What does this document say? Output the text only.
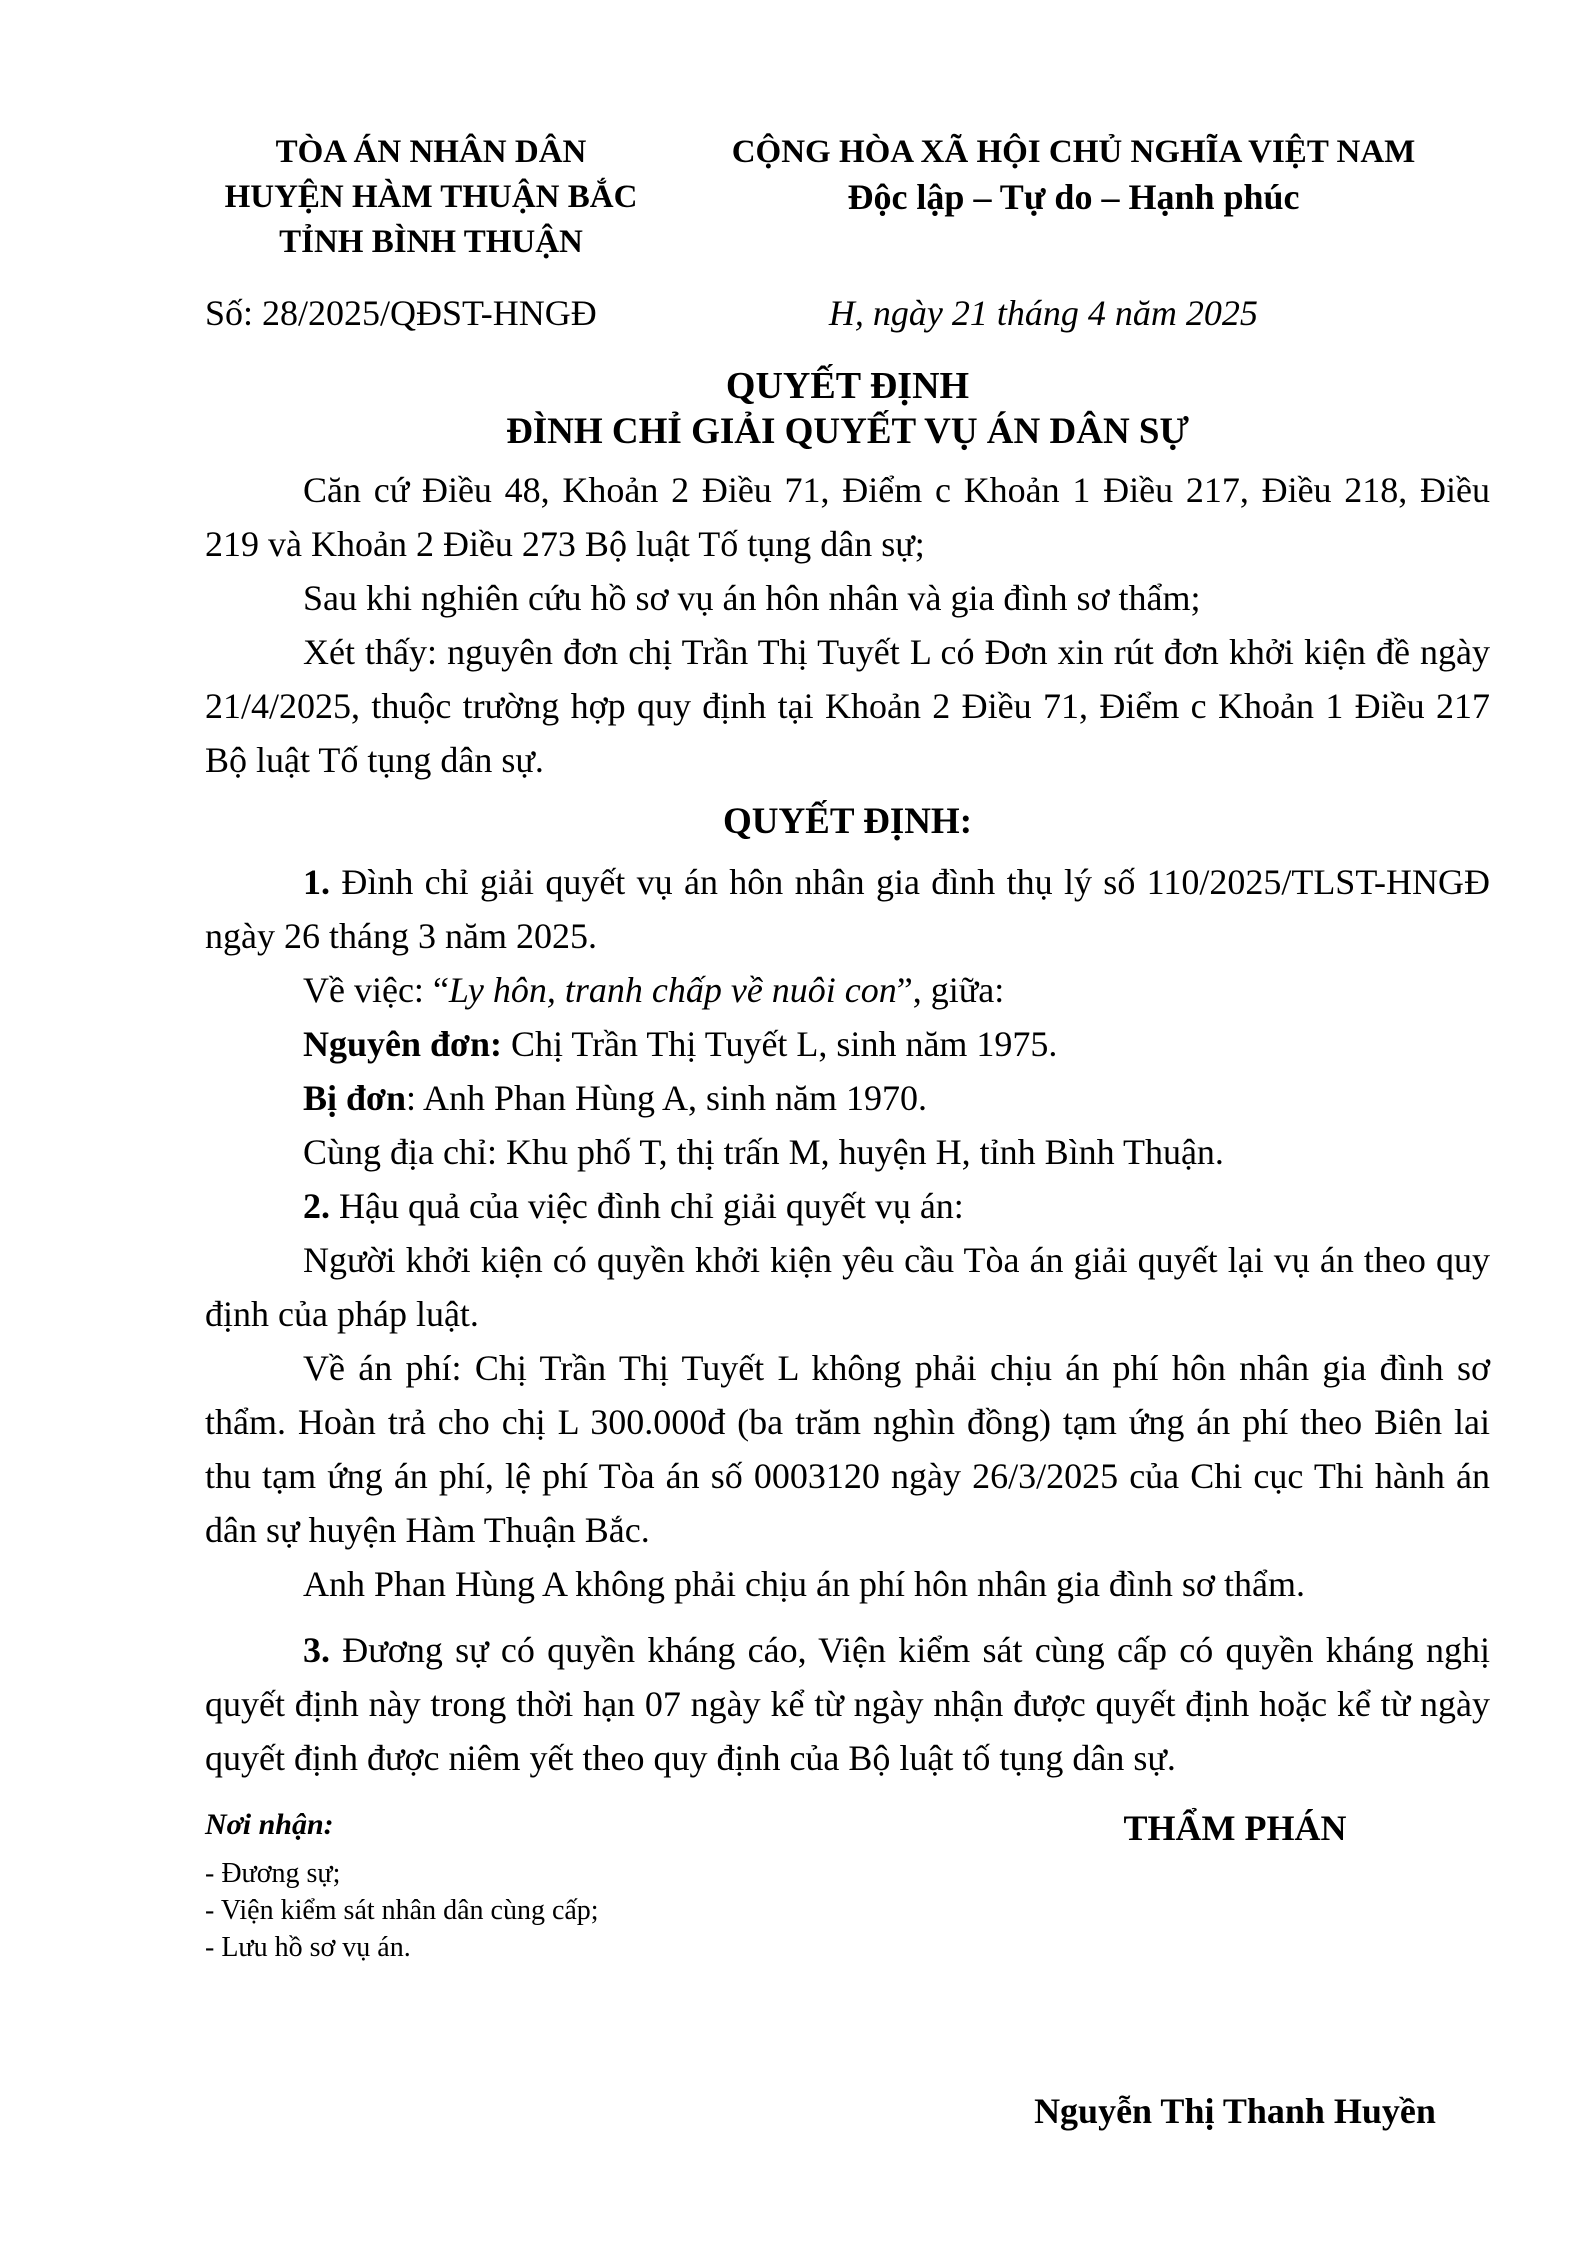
TÒA ÁN NHÂN DÂN
HUYỆN HÀM THUẬN BẮC
TỈNH BÌNH THUẬN
CỘNG HÒA XÃ HỘI CHỦ NGHĨA VIỆT NAM
Độc lập – Tự do – Hạnh phúc
Số: 28/2025/QĐST-HNGĐ	H, ngày 21 tháng 4 năm 2025
QUYẾT ĐỊNH
ĐÌNH CHỈ GIẢI QUYẾT VỤ ÁN DÂN SỰ

Căn cứ Điều 48, Khoản 2 Điều 71, Điểm c Khoản 1 Điều 217, Điều 218, Điều 219 và Khoản 2 Điều 273 Bộ luật Tố tụng dân sự;

Sau khi nghiên cứu hồ sơ vụ án hôn nhân và gia đình sơ thẩm;

Xét thấy: nguyên đơn chị Trần Thị Tuyết L có Đơn xin rút đơn khởi kiện đề ngày 21/4/2025, thuộc trường hợp quy định tại Khoản 2 Điều 71, Điểm c Khoản 1 Điều 217 Bộ luật Tố tụng dân sự.

QUYẾT ĐỊNH:

1. Đình chỉ giải quyết vụ án hôn nhân gia đình thụ lý số 110/2025/TLST-HNGĐ ngày 26 tháng 3 năm 2025.

Về việc: “Ly hôn, tranh chấp về nuôi con”, giữa:

Nguyên đơn: Chị Trần Thị Tuyết L, sinh năm 1975.

Bị đơn: Anh Phan Hùng A, sinh năm 1970.

Cùng địa chỉ: Khu phố T, thị trấn M, huyện H, tỉnh Bình Thuận.

2. Hậu quả của việc đình chỉ giải quyết vụ án:

Người khởi kiện có quyền khởi kiện yêu cầu Tòa án giải quyết lại vụ án theo quy định của pháp luật.

Về án phí: Chị Trần Thị Tuyết L không phải chịu án phí hôn nhân gia đình sơ thẩm. Hoàn trả cho chị L 300.000đ (ba trăm nghìn đồng) tạm ứng án phí theo Biên lai thu tạm ứng án phí, lệ phí Tòa án số 0003120 ngày 26/3/2025 của Chi cục Thi hành án dân sự huyện Hàm Thuận Bắc.

Anh Phan Hùng A không phải chịu án phí hôn nhân gia đình sơ thẩm.

3. Đương sự có quyền kháng cáo, Viện kiểm sát cùng cấp có quyền kháng nghị quyết định này trong thời hạn 07 ngày kể từ ngày nhận được quyết định hoặc kể từ ngày quyết định được niêm yết theo quy định của Bộ luật tố tụng dân sự.

Nơi nhận:
- Đương sự;
- Viện kiểm sát nhân dân cùng cấp;
- Lưu hồ sơ vụ án.
THẨM PHÁN
Nguyễn Thị Thanh Huyền
